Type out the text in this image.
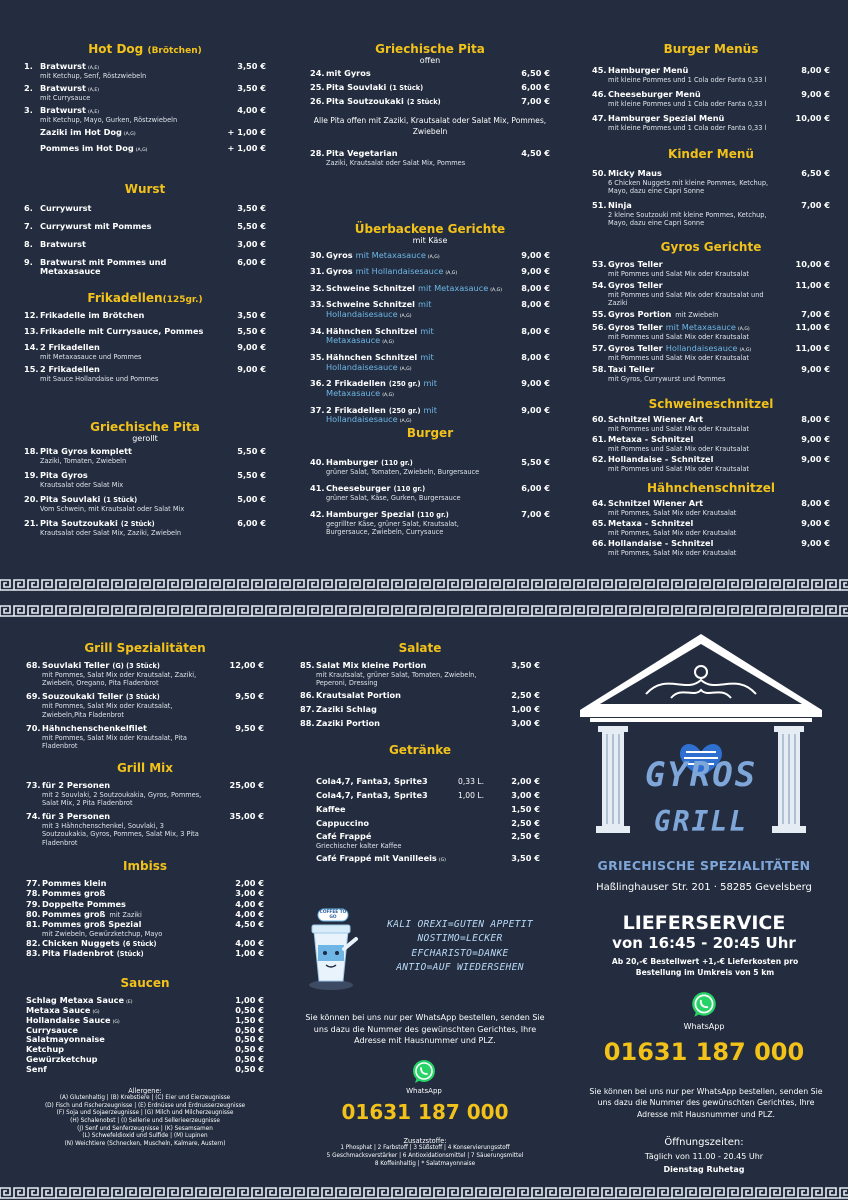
Hot Dog (Brötchen)
1. Bratwurst (A,E)
mit Ketchup, Senf, Röstzwiebeln
3,50 €
2. Bratwurst (A,E)
mit Currysauce
3,50 €
3. Bratwurst (A,E)
mit Ketchup, Mayo, Gurken, Röstzwiebeln
4,00 €
Zaziki im Hot Dog (A,G)	+ 1,00 €
Pommes im Hot Dog (A,G)	+ 1,00 €
Wurst
6. Currywurst	3,50 €
7. Currywurst mit Pommes	5,50 €
8. Bratwurst	3,00 €
9. Bratwurst mit Pommes und Metaxasauce
6,00 €
Frikadellen(125gr.)
12. Frikadelle im Brötchen	3,50 €
13. Frikadelle mit Currysauce, Pommes	5,50 €
14. 2 Frikadellen
mit Metaxasauce und Pommes
9,00 €
15. 2 Frikadellen
mit Sauce Hollandaise und Pommes
9,00 €
Griechische Pita
gerollt
18. Pita Gyros komplett
Zaziki, Tomaten, Zwiebeln
5,50 €
19. Pita Gyros
Krautsalat oder Salat Mix
5,50 €
20. Pita Souvlaki (1 Stück)
Vom Schwein, mit Krautsalat oder Salat Mix
5,00 €
21. Pita Soutzoukaki (2 Stück)
Krautsalat oder Salat Mix, Zaziki, Zwiebeln
6,00 €
Griechische Pita
offen
24. mit Gyros	6,50 €
25. Pita Souvlaki (1 Stück)	6,00 €
26. Pita Soutzoukaki (2 Stück)	7,00 €
Alle Pita offen mit Zaziki, Krautsalat oder Salat Mix, Pommes, Zwiebeln
28. Pita Vegetarian
Zaziki, Krautsalat oder Salat Mix, Pommes
4,50 €
Überbackene Gerichte
mit Käse
30. Gyros mit Metaxasauce (A,G)	9,00 €
31. Gyros mit Hollandaisesauce (A,G)	9,00 €
32. Schweine Schnitzel mit Metaxasauce (A,G)	8,00 €
33. Schweine Schnitzel mit Hollandaisesauce (A,G)
8,00 €
34. Hähnchen Schnitzel mit Metaxasauce (A,G)
8,00 €
35. Hähnchen Schnitzel mit Hollandaisesauce (A,G)
8,00 €
36. 2 Frikadellen (250 gr.) mit Metaxasauce (A,G)
9,00 €
37. 2 Frikadellen (250 gr.) mit Hollandaisesauce (A,G)
9,00 €
Burger
40. Hamburger (110 gr.)
grüner Salat, Tomaten, Zwiebeln, Burgersauce
5,50 €
41. Cheeseburger (110 gr.)
grüner Salat, Käse, Gurken, Burgersauce
6,00 €
42. Hamburger Spezial (110 gr.)
gegrillter Käse, grüner Salat, Krautsalat, Burgersauce, Zwiebeln, Currysauce
7,00 €
Burger Menüs
45. Hamburger Menü
mit kleine Pommes und 1 Cola oder Fanta 0,33 l
8,00 €
46. Cheeseburger Menü
mit kleine Pommes und 1 Cola oder Fanta 0,33 l
9,00 €
47. Hamburger Spezial Menü
mit kleine Pommes und 1 Cola oder Fanta 0,33 l
10,00 €
Kinder Menü
50. Micky Maus
6 Chicken Nuggets mit kleine Pommes, Ketchup, Mayo, dazu eine Capri Sonne
6,50 €
51. Ninja
2 kleine Soutzouki mit kleine Pommes, Ketchup, Mayo, dazu eine Capri Sonne
7,00 €
Gyros Gerichte
53. Gyros Teller
mit Pommes und Salat Mix oder Krautsalat
10,00 €
54. Gyros Teller
mit Pommes und Salat Mix oder Krautsalat und Zaziki
11,00 €
55. Gyros Portion mit Zwiebeln	7,00 €
56. Gyros Teller mit Metaxasauce (A,G)
mit Pommes und Salat Mix oder Krautsalat
11,00 €
57. Gyros Teller Hollandaisesauce (A,G)
mit Pommes und Salat Mix oder Krautsalat
11,00 €
58. Taxi Teller
mit Gyros, Currywurst und Pommes
9,00 €
Schweineschnitzel
60. Schnitzel Wiener Art
mit Pommes und Salat Mix oder Krautsalat
8,00 €
61. Metaxa - Schnitzel
mit Pommes und Salat Mix oder Krautsalat
9,00 €
62. Hollandaise - Schnitzel
mit Pommes und Salat Mix oder Krautsalat
9,00 €
Hähnchenschnitzel
64. Schnitzel Wiener Art
mit Pommes, Salat Mix oder Krautsalat
8,00 €
65. Metaxa - Schnitzel
mit Pommes, Salat Mix oder Krautsalat
9,00 €
66. Hollandaise - Schnitzel
mit Pommes, Salat Mix oder Krautsalat
9,00 €
Grill Spezialitäten
68. Souvlaki Teller (G) (3 Stück)
mit Pommes, Salat Mix oder Krautsalat, Zaziki, Zwiebeln, Oregano, Pita Fladenbrot
12,00 €
69. Souzoukaki Teller (3 Stück)
mit Pommes, Salat Mix oder Krautsalat, Zwiebeln,Pita Fladenbrot
9,50 €
70. Hähnchenschenkelfilet
mit Pommes, Salat Mix oder Krautsalat, Pita Fladenbrot
9,50 €
Grill Mix
73. für 2 Personen
mit 2 Souvlaki, 2 Soutzoukakia, Gyros, Pommes, Salat Mix, 2 Pita Fladenbrot
25,00 €
74. für 3 Personen
mit 3 Hähnchenschenkel, Souvlaki, 3 Soutzoukakia, Gyros, Pommes, Salat Mix, 3 Pita Fladenbrot
35,00 €
Imbiss
77. Pommes klein	2,00 €
78. Pommes groß	3,00 €
79. Doppelte Pommes	4,00 €
80. Pommes groß mit Zaziki	4,00 €
81. Pommes groß Spezial
mit Zwiebeln, Gewürzketchup, Mayo
4,50 €
82. Chicken Nuggets (6 Stück)	4,00 €
83. Pita Fladenbrot (Stück)	1,00 €
Saucen
Schlag Metaxa Sauce (E)	1,00 €
Metaxa Sauce (G)	0,50 €
Hollandaise Sauce (G)	1,50 €
Currysauce	0,50 €
Salatmayonnaise	0,50 €
Ketchup	0,50 €
Gewürzketchup	0,50 €
Senf	0,50 €
Allergene:
(A) Glutenhaltig | (B) Krebstiere | (C) Eier und Eierzeugnisse
(D) Fisch und Fischerzeugnisse | (E) Erdnüsse und Erdnusserzeugnisse
(F) Soja und Sojaerzeugnisse | (G) Milch und Milcherzeugnisse
(H) Schalenobst | (I) Sellerie und Sellerieerzeugnisse
(J) Senf und Senferzeugnisse | (K) Sesamsamen
(L) Schwefeldioxid und Sulfide | (M) Lupinen
(N) Weichtiere (Schnecken, Muscheln, Kalmare, Austern)
Salate
85. Salat Mix kleine Portion
mit Krautsalat, grüner Salat, Tomaten, Zwiebeln, Peperoni, Dressing
3,50 €
86. Krautsalat Portion	2,50 €
87. Zaziki Schlag	1,00 €
88. Zaziki Portion	3,00 €
Getränke
0,33 L.
Cola4,7, Fanta3, Sprite3	2,00 €
1,00 L.
Cola4,7, Fanta3, Sprite3	3,00 €
Kaffee	1,50 €
Cappuccino	2,50 €
Café Frappé
Griechischer kalter Kaffee
2,50 €
Café Frappé mit Vanilleeis (G)	3,50 €
COFFEE TO GO
KALI OREXI=GUTEN APPETIT
NOSTIMO=LECKER
EFCHARISTO=DANKE
ANTIO=AUF WIEDERSEHEN
Sie können bei uns nur per WhatsApp bestellen, senden Sie uns dazu die Nummer des gewünschten Gerichtes, Ihre Adresse mit Hausnummer und PLZ.
WhatsApp
01631 187 000
Zusatzstoffe:
1 Phosphat | 2 Farbstoff | 3 Süßstoff | 4 Konservierungsstoff
5 Geschmacksverstärker | 6 Antioxidationsmittel | 7 Säuerungsmittel
8 Koffeinhaltig | * Salatmayonnaise
GYROS
GRILL
GRIECHISCHE SPEZIALITÄTEN
Haßlinghauser Str. 201 · 58285 Gevelsberg
LIEFERSERVICE
von 16:45 - 20:45 Uhr
Ab 20,-€ Bestellwert +1,-€ Lieferkosten pro Bestellung im Umkreis von 5 km
WhatsApp
01631 187 000
Sie können bei uns nur per WhatsApp bestellen, senden Sie uns dazu die Nummer des gewünschten Gerichtes, Ihre Adresse mit Hausnummer und PLZ.
Öffnungszeiten:
Täglich von 11.00 - 20.45 Uhr
Dienstag Ruhetag
